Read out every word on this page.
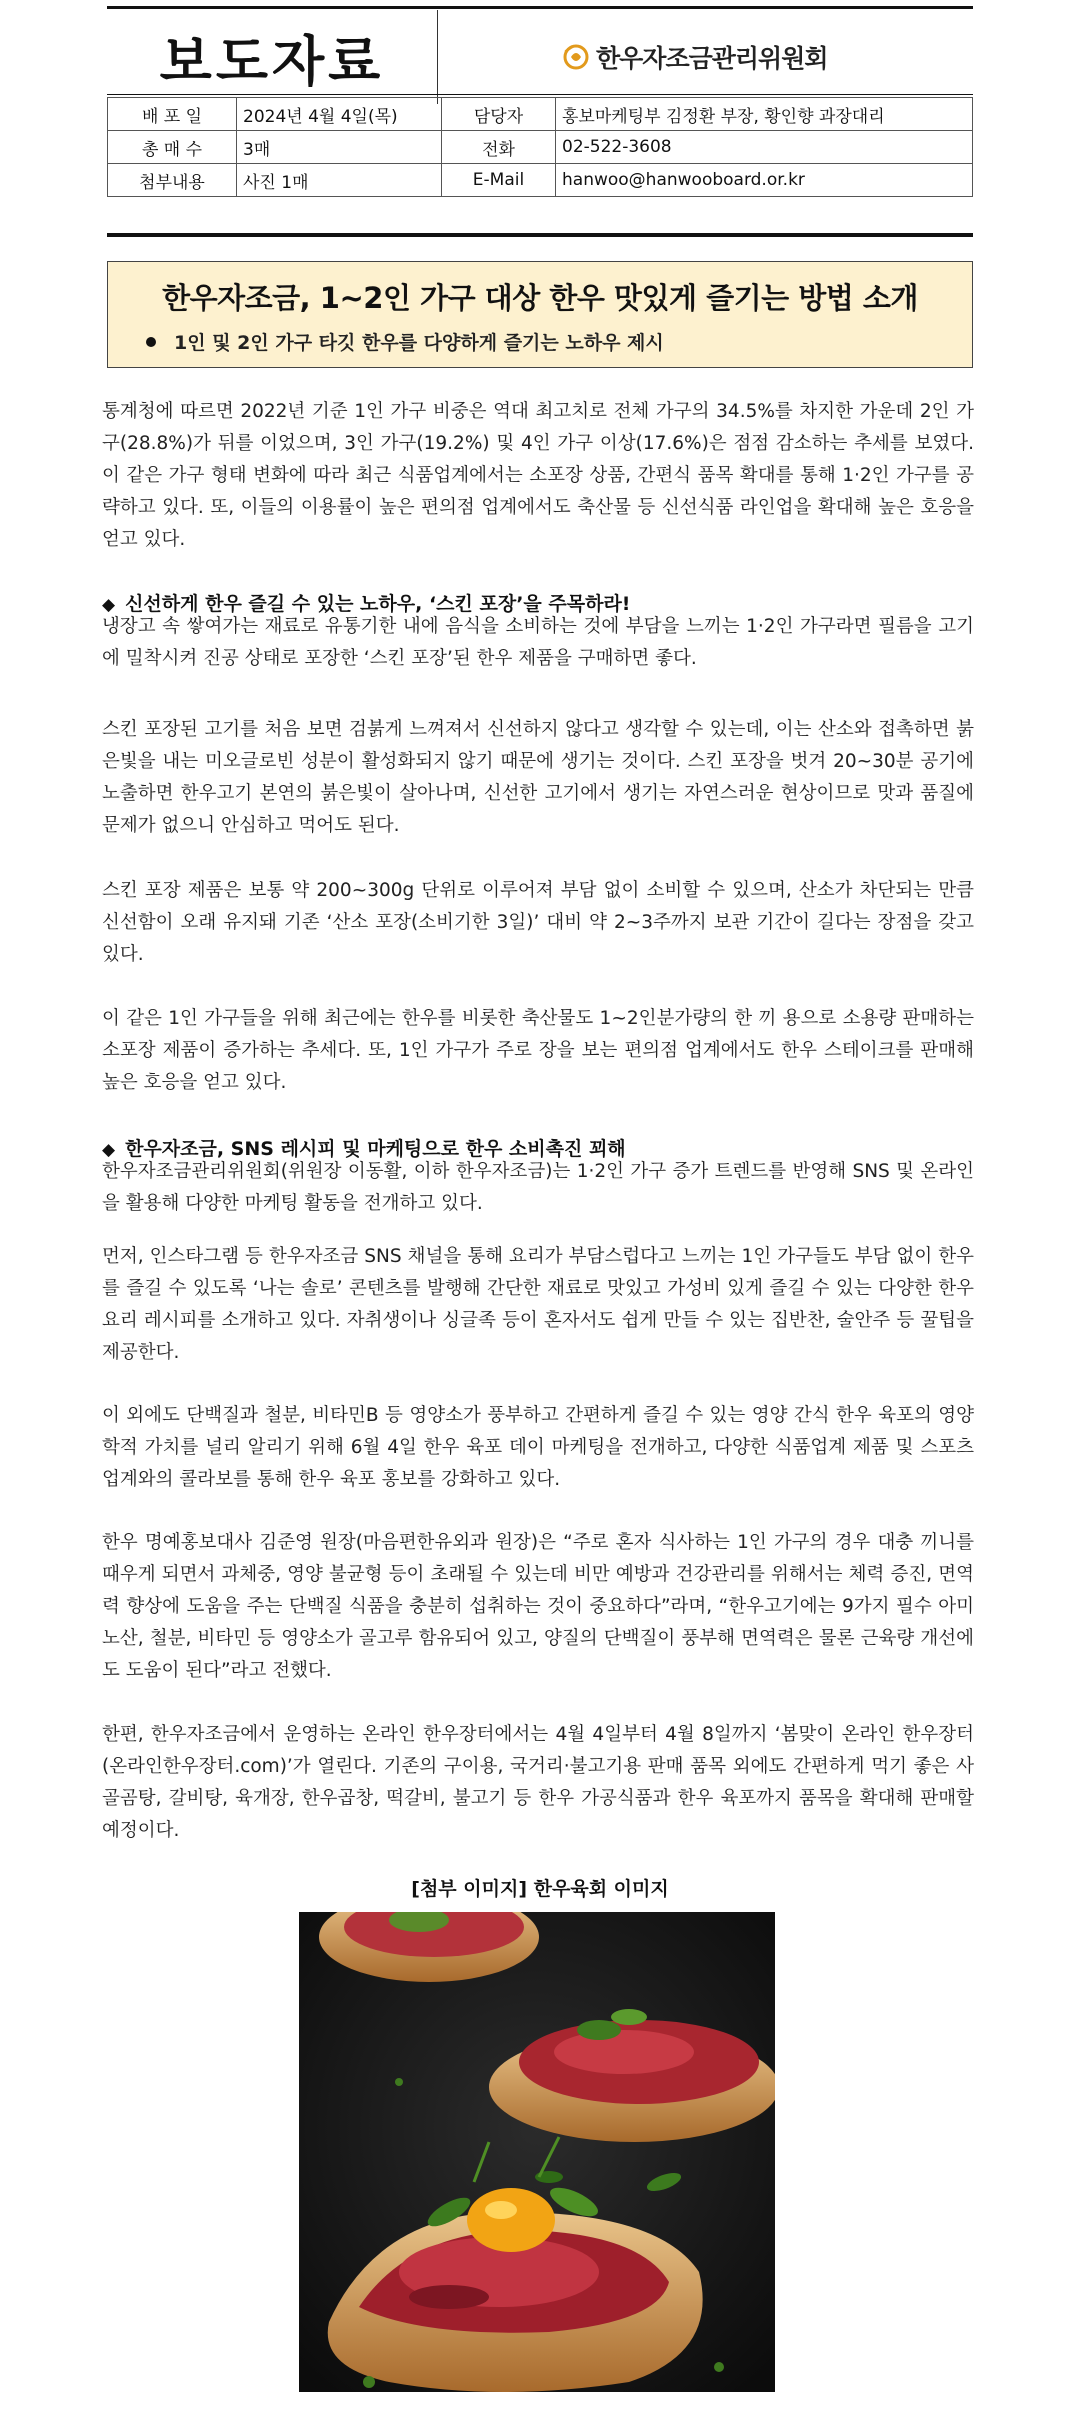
보도자료	한우자조금관리위원회
배 포 일	2024년 4월 4일(목)	담당자	홍보마케팅부 김정환 부장, 황인향 과장대리
총 매 수	3매	전화	02-522-3608
첨부내용	사진 1매	E-Mail	hanwoo@hanwooboard.or.kr
한우자조금, 1~2인 가구 대상 한우 맛있게 즐기는 방법 소개
1인 및 2인 가구 타깃 한우를 다양하게 즐기는 노하우 제시

통계청에 따르면 2022년 기준 1인 가구 비중은 역대 최고치로 전체 가구의 34.5%를 차지한 가운데 2인 가구(28.8%)가 뒤를 이었으며, 3인 가구(19.2%) 및 4인 가구 이상(17.6%)은 점점 감소하는 추세를 보였다. 이 같은 가구 형태 변화에 따라 최근 식품업계에서는 소포장 상품, 간편식 품목 확대를 통해 1·2인 가구를 공략하고 있다. 또, 이들의 이용률이 높은 편의점 업계에서도 축산물 등 신선식품 라인업을 확대해 높은 호응을 얻고 있다.

◆ 신선하게 한우 즐길 수 있는 노하우, ‘스킨 포장’을 주목하라!

냉장고 속 쌓여가는 재료로 유통기한 내에 음식을 소비하는 것에 부담을 느끼는 1·2인 가구라면 필름을 고기에 밀착시켜 진공 상태로 포장한 ‘스킨 포장’된 한우 제품을 구매하면 좋다.

스킨 포장된 고기를 처음 보면 검붉게 느껴져서 신선하지 않다고 생각할 수 있는데, 이는 산소와 접촉하면 붉은빛을 내는 미오글로빈 성분이 활성화되지 않기 때문에 생기는 것이다. 스킨 포장을 벗겨 20~30분 공기에 노출하면 한우고기 본연의 붉은빛이 살아나며, 신선한 고기에서 생기는 자연스러운 현상이므로 맛과 품질에 문제가 없으니 안심하고 먹어도 된다.

스킨 포장 제품은 보통 약 200~300g 단위로 이루어져 부담 없이 소비할 수 있으며, 산소가 차단되는 만큼 신선함이 오래 유지돼 기존 ‘산소 포장(소비기한 3일)’ 대비 약 2~3주까지 보관 기간이 길다는 장점을 갖고 있다.

이 같은 1인 가구들을 위해 최근에는 한우를 비롯한 축산물도 1~2인분가량의 한 끼 용으로 소용량 판매하는 소포장 제품이 증가하는 추세다. 또, 1인 가구가 주로 장을 보는 편의점 업계에서도 한우 스테이크를 판매해 높은 호응을 얻고 있다.

◆ 한우자조금, SNS 레시피 및 마케팅으로 한우 소비촉진 꾀해

한우자조금관리위원회(위원장 이동활, 이하 한우자조금)는 1·2인 가구 증가 트렌드를 반영해 SNS 및 온라인을 활용해 다양한 마케팅 활동을 전개하고 있다.

먼저, 인스타그램 등 한우자조금 SNS 채널을 통해 요리가 부담스럽다고 느끼는 1인 가구들도 부담 없이 한우를 즐길 수 있도록 ‘나는 솔로’ 콘텐츠를 발행해 간단한 재료로 맛있고 가성비 있게 즐길 수 있는 다양한 한우요리 레시피를 소개하고 있다. 자취생이나 싱글족 등이 혼자서도 쉽게 만들 수 있는 집반찬, 술안주 등 꿀팁을 제공한다.

이 외에도 단백질과 철분, 비타민B 등 영양소가 풍부하고 간편하게 즐길 수 있는 영양 간식 한우 육포의 영양학적 가치를 널리 알리기 위해 6월 4일 한우 육포 데이 마케팅을 전개하고, 다양한 식품업계 제품 및 스포츠 업계와의 콜라보를 통해 한우 육포 홍보를 강화하고 있다.

한우 명예홍보대사 김준영 원장(마음편한유외과 원장)은 “주로 혼자 식사하는 1인 가구의 경우 대충 끼니를 때우게 되면서 과체중, 영양 불균형 등이 초래될 수 있는데 비만 예방과 건강관리를 위해서는 체력 증진, 면역력 향상에 도움을 주는 단백질 식품을 충분히 섭취하는 것이 중요하다”라며, “한우고기에는 9가지 필수 아미노산, 철분, 비타민 등 영양소가 골고루 함유되어 있고, 양질의 단백질이 풍부해 면역력은 물론 근육량 개선에도 도움이 된다”라고 전했다.

한편, 한우자조금에서 운영하는 온라인 한우장터에서는 4월 4일부터 4월 8일까지 ‘봄맞이 온라인 한우장터(온라인한우장터.com)’가 열린다. 기존의 구이용, 국거리·불고기용 판매 품목 외에도 간편하게 먹기 좋은 사골곰탕, 갈비탕, 육개장, 한우곱창, 떡갈비, 불고기 등 한우 가공식품과 한우 육포까지 품목을 확대해 판매할 예정이다.

[첨부 이미지] 한우육회 이미지
